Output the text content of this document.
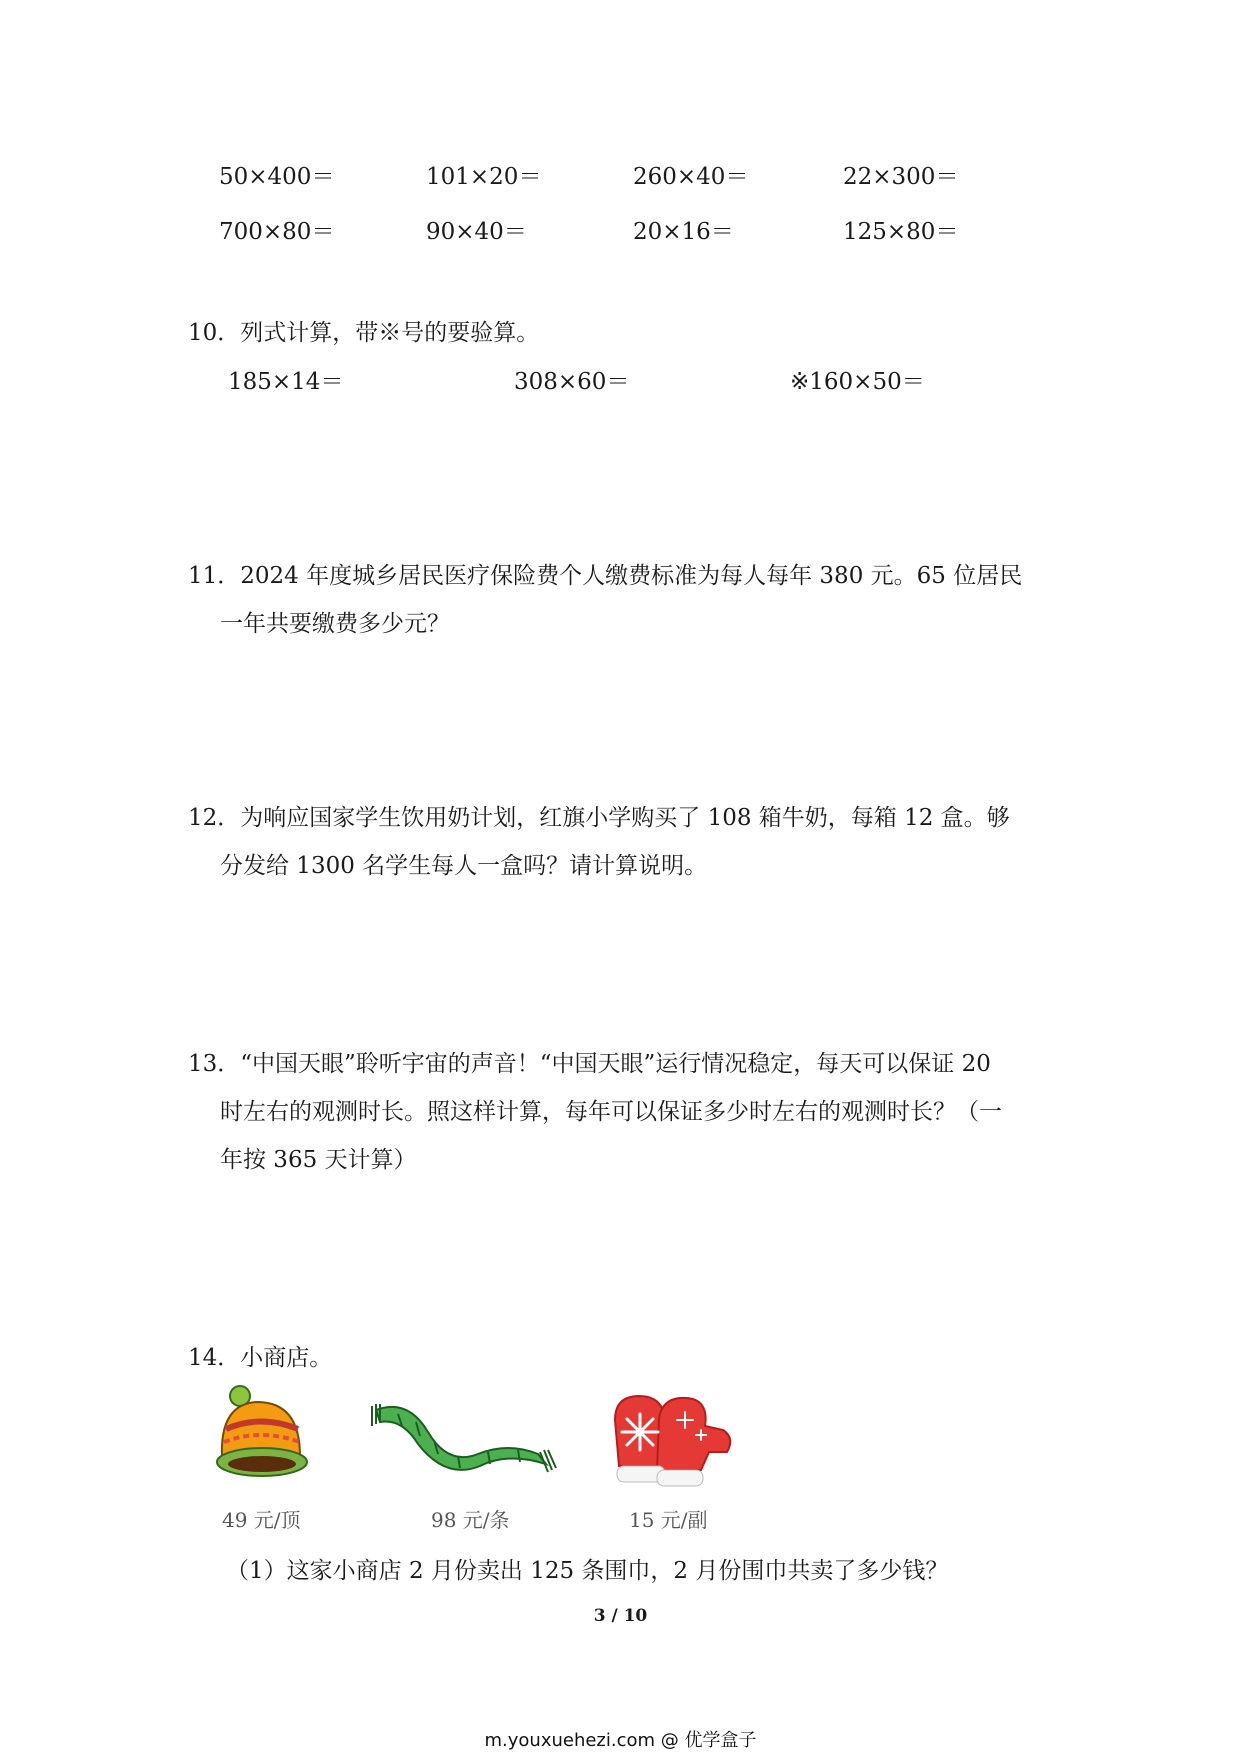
50×400＝	101×20＝	260×40＝	22×300＝
700×80＝	90×40＝	20×16＝	125×80＝
10．列式计算，带※号的要验算。
185×14＝	308×60＝	※160×50＝
11．2024 年度城乡居民医疗保险费个人缴费标准为每人每年 380 元。65 位居民
一年共要缴费多少元？
12．为响应国家学生饮用奶计划，红旗小学购买了 108 箱牛奶，每箱 12 盒。够
分发给 1300 名学生每人一盒吗？请计算说明。
13．“中国天眼”聆听宇宙的声音！“中国天眼”运行情况稳定，每天可以保证 20
时左右的观测时长。照这样计算，每年可以保证多少时左右的观测时长？（一
年按 365 天计算）
14．小商店。
49 元/顶	98 元/条	15 元/副
（1）这家小商店 2 月份卖出 125 条围巾，2 月份围巾共卖了多少钱？
3 / 10
m.youxuehezi.com @ 优学盒子
